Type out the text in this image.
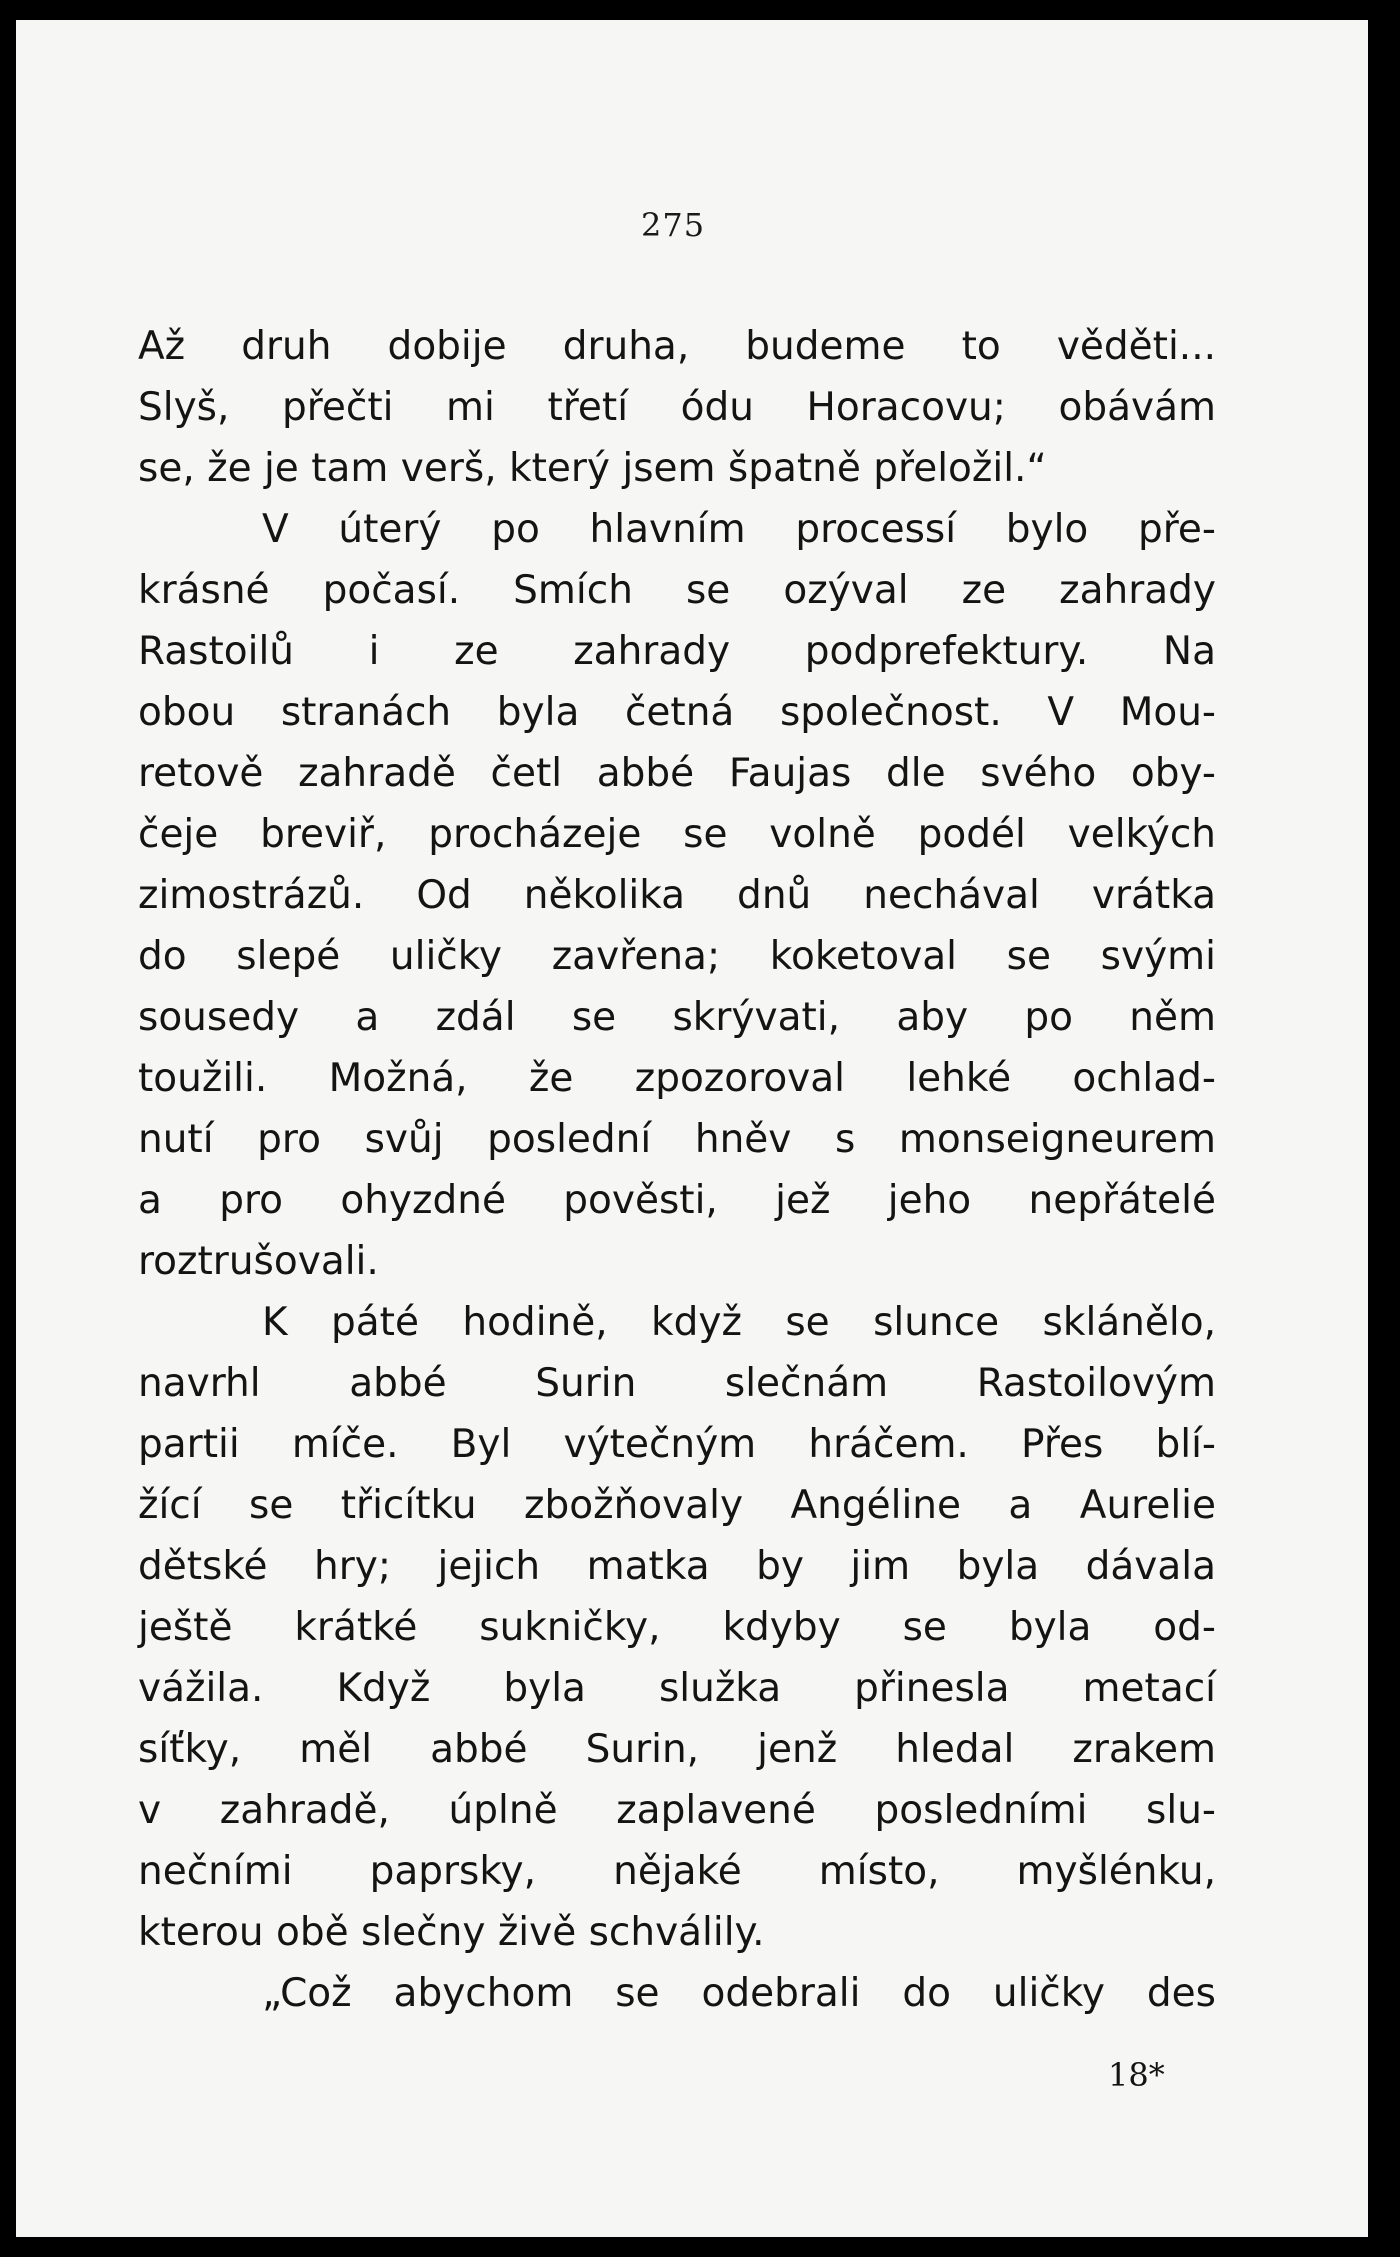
275
Až druh dobije druha, budeme to věděti...
Slyš, přečti mi třetí ódu Horacovu; obávám
se, že je tam verš, který jsem špatně přeložil.“
V úterý po hlavním processí bylo pře-
krásné počasí. Smích se ozýval ze zahrady
Rastoilů i ze zahrady podprefektury. Na
obou stranách byla četná společnost. V Mou-
retově zahradě četl abbé Faujas dle svého oby-
čeje breviř, procházeje se volně podél velkých
zimostrázů. Od několika dnů nechával vrátka
do slepé uličky zavřena; koketoval se svými
sousedy a zdál se skrývati, aby po něm
toužili. Možná, že zpozoroval lehké ochlad-
nutí pro svůj poslední hněv s monseigneurem
a pro ohyzdné pověsti, jež jeho nepřátelé
roztrušovali.
K páté hodině, když se slunce sklánělo,
navrhl abbé Surin slečnám Rastoilovým
partii míče. Byl výtečným hráčem. Přes blí-
žící se třicítku zbožňovaly Angéline a Aurelie
dětské hry; jejich matka by jim byla dávala
ještě krátké sukničky, kdyby se byla od-
vážila. Když byla služka přinesla metací
síťky, měl abbé Surin, jenž hledal zrakem
v zahradě, úplně zaplavené posledními slu-
nečními paprsky, nějaké místo, myšlénku,
kterou obě slečny živě schválily.
„Což abychom se odebrali do uličky des
18*
